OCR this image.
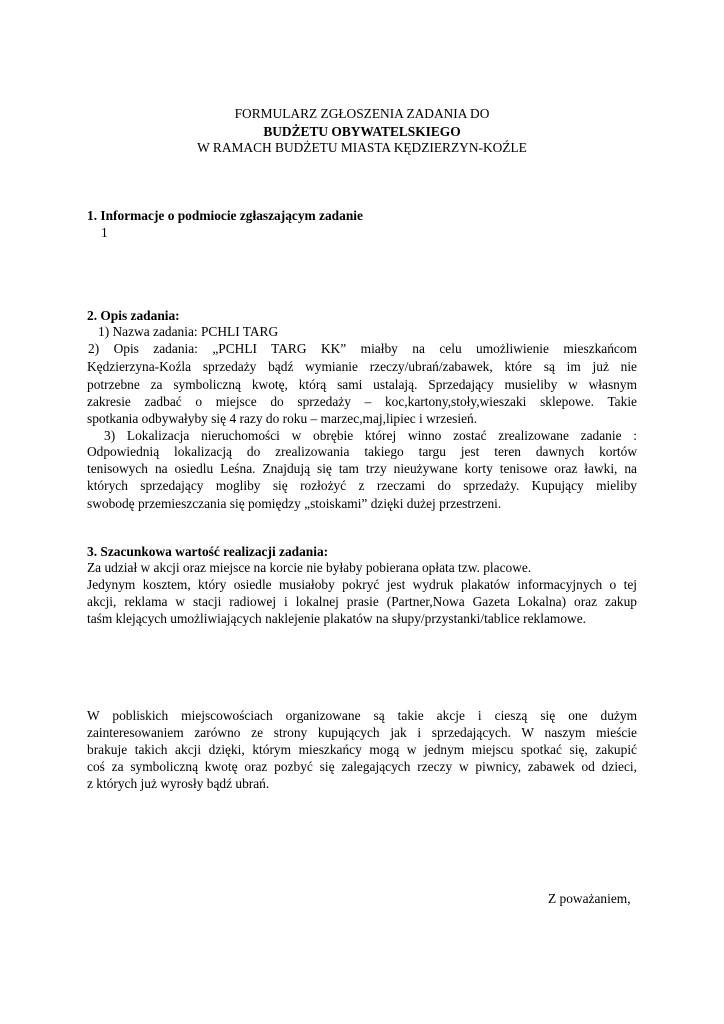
FORMULARZ ZGŁOSZENIA ZADANIA DO
BUDŻETU OBYWATELSKIEGO
W RAMACH BUDŻETU MIASTA KĘDZIERZYN-KOŹLE
1. Informacje o podmiocie zgłaszającym zadanie
1
2. Opis zadania:
1) Nazwa zadania: PCHLI TARG
2) Opis zadania: „PCHLI TARG KK” miałby na celu umożliwienie mieszkańcom
Kędzierzyna-Koźla sprzedaży bądź wymianie rzeczy/ubrań/zabawek, które są im już nie
potrzebne za symboliczną kwotę, którą sami ustalają. Sprzedający musieliby w własnym
zakresie zadbać o miejsce do sprzedaży – koc,kartony,stoły,wieszaki sklepowe. Takie
spotkania odbywałyby się 4 razy do roku – marzec,maj,lipiec i wrzesień.
3) Lokalizacja nieruchomości w obrębie której winno zostać zrealizowane zadanie :
Odpowiednią lokalizacją do zrealizowania takiego targu jest teren dawnych kortów
tenisowych na osiedlu Leśna. Znajdują się tam trzy nieużywane korty tenisowe oraz ławki, na
których sprzedający mogliby się rozłożyć z rzeczami do sprzedaży. Kupujący mieliby
swobodę przemieszczania się pomiędzy „stoiskami” dzięki dużej przestrzeni.
3. Szacunkowa wartość realizacji zadania:
Za udział w akcji oraz miejsce na korcie nie byłaby pobierana opłata tzw. placowe.
Jedynym kosztem, który osiedle musiałoby pokryć jest wydruk plakatów informacyjnych o tej
akcji, reklama w stacji radiowej i lokalnej prasie (Partner,Nowa Gazeta Lokalna) oraz zakup
taśm klejących umożliwiających naklejenie plakatów na słupy/przystanki/tablice reklamowe.
W pobliskich miejscowościach organizowane są takie akcje i cieszą się one dużym
zainteresowaniem zarówno ze strony kupujących jak i sprzedających. W naszym mieście
brakuje takich akcji dzięki, którym mieszkańcy mogą w jednym miejscu spotkać się, zakupić
coś za symboliczną kwotę oraz pozbyć się zalegających rzeczy w piwnicy, zabawek od dzieci,
z których już wyrosły bądź ubrań.
Z poważaniem,
